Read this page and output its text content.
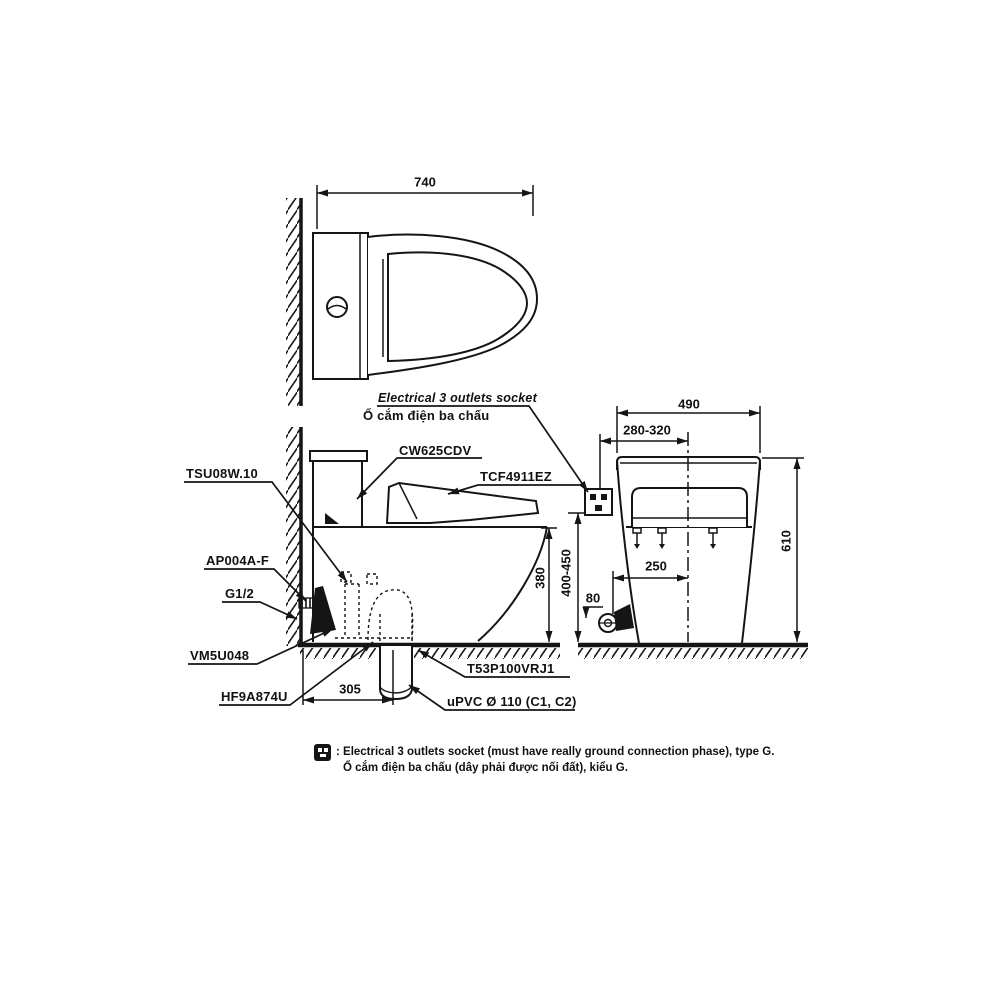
740
Electrical 3 outlets socket
Ổ cắm điện ba chấu
CW625CDV
TCF4911EZ
TSU08W.10
AP004A-F
G1/2
VM5U048
HF9A874U	305
T53P100VRJ1
uPVC Ø 110 (C1, C2)
490
280-320
250
80
610
400-450
380
: Electrical 3 outlets socket (must have really ground connection phase), type G.
Ổ cắm điện ba chấu (dây phải được nối đất), kiểu G.
